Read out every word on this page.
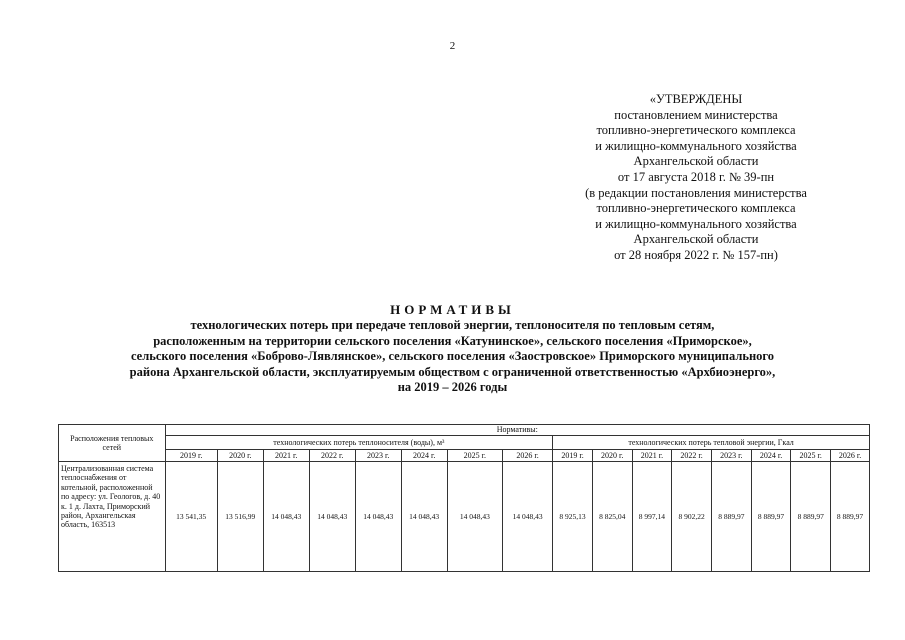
2
«УТВЕРЖДЕНЫ
постановлением министерства
топливно-энергетического комплекса
и жилищно-коммунального хозяйства
Архангельской области
от 17 августа 2018 г. № 39-пн
(в редакции постановления министерства
топливно-энергетического комплекса
и жилищно-коммунального хозяйства
Архангельской области
от 28 ноября 2022 г. № 157-пн)
НОРМАТИВЫ
технологических потерь при передаче тепловой энергии, теплоносителя по тепловым сетям,
расположенным на территории сельского поселения «Катунинское», сельского поселения «Приморское»,
сельского поселения «Боброво-Лявлянское», сельского поселения «Заостровское» Приморского муниципального
района Архангельской области, эксплуатируемым обществом с ограниченной ответственностью «Архбиоэнерго»,
на 2019 – 2026 годы
Расположения тепловых сетей	Нормативы:															
	технологических потерь теплоносителя (воды), м³								технологических потерь тепловой энергии, Гкал							
	2019 г.	2020 г.	2021 г.	2022 г.	2023 г.	2024 г.	2025 г.	2026 г.	2019 г.	2020 г.	2021 г.	2022 г.	2023 г.	2024 г.	2025 г.	2026 г.
Централизованная система теплоснабжения от котельной, расположенной по адресу: ул. Геологов, д. 40 к. 1 д. Лахта, Приморский район, Архангельская область, 163513	13 541,35	13 516,99	14 048,43	14 048,43	14 048,43	14 048,43	14 048,43	14 048,43	8 925,13	8 825,04	8 997,14	8 902,22	8 889,97	8 889,97	8 889,97	8 889,97
